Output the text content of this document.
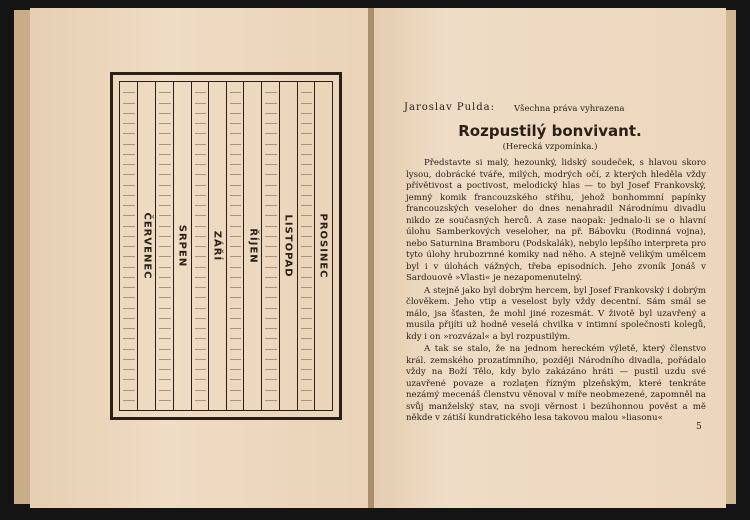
ČERVENEC SRPEN ZÁŘÍ ŘÍJEN LISTOPAD PROSINEC
Jaroslav Pulda: Všechna práva vyhrazena
Rozpustilý bonvivant.
(Herecká vzpomínka.)

Představte si malý, hezounký, lidský soudeček, s hlavou skoro lysou, dobrácké tváře, milých, modrých očí, z kterých hleděla vždy přívětivost a poctivost, melodický hlas — to byl Josef Frankovský, jemný komik francouzského střihu, jehož bonhommní papínky francouzských veseloher do dnes nenahradil Národnímu divadlu nikdo ze současných herců. A zase naopak: jednalo-li se o hlavní úlohu Samberkových veseloher, na př. Bábovku (Rodinná vojna), nebo Saturnina Bramboru (Podskalák), nebylo lepšího interpreta pro tyto úlohy hrubozrnné komiky nad něho. A stejně velikým umělcem byl i v úlohách vážných, třeba episodních. Jeho zvoník Jonáš v Sardouově »Vlasti« je nezapomenutelný.

A stejně jako byl dobrým hercem, byl Josef Frankovský i dobrým člověkem. Jeho vtip a veselost byly vždy decentní. Sám smál se málo, jsa šťasten, že mohl jiné rozesmát. V životě byl uzavřený a musila přijíti už hodně veselá chvilka v intimní společnosti kolegů, kdy i on »rozvázal« a byl rozpustilým.

A tak se stalo, že na jednom hereckém výletě, který členstvo král. zemského prozatímního, později Národního divadla, pořádalo vždy na Boží Tělo, kdy bylo zakázáno hráti — pustil uzdu své uzavřené povaze a rozlaţen řízným plzeňským, které tenkráte nezámý mecenáš členstvu věnoval v míře neobmezené, zapomněl na svůj manželský stav, na svoji věrnost i bezúhonnou pověst a mě někde v zátiší kundratického lesa takovou malou »liasonu«

5
